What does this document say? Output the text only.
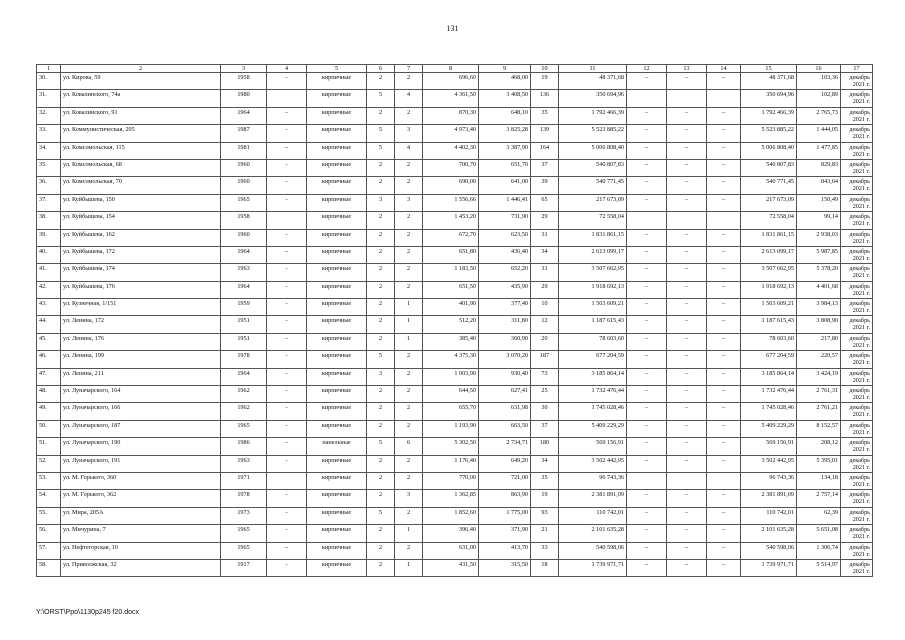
131
1	2	3	4	5	6	7	8	9	10	11	12	13	14	15	16	17
30.	ул. Кирова, 59	1958	-	кирпичные	2	2	696,60	468,00	19	48 371,68	–	–	–	48 371,68	103,36	декабрь
2021 г.

31.	ул. Ковалинского, 74а	1980		кирпичные	5	4	4 361,50	3 408,50	136	350 694,96				350 694,96	102,89	декабрь
2021 г.

32.	ул. Ковалинского, 91	1964	–	кирпичные	2	2	870,30	648,10	35	1 792 466,39	–	–	–	1 792 466,39	2 765,73	декабрь
2021 г.

33.	ул. Коммунистическая, 205	1987	-	кирпичные	5	3	4 973,40	3 825,28	139	5 523 885,22	–	–	–	5 523 885,22	1 444,05	декабрь
2021 г.

34.	ул. Комсомольская, 115	1981	–	кирпичные	5	4	4 402,30	3 387,90	164	5 006 808,40	–	–	–	5 006 808,40	1 477,85	декабрь
2021 г.

35.	ул. Комсомольская, 68	1960	-	кирпичные	2	2	700,70	651,70	37	540 807,83	–	–	–	540 807,83	829,83	декабрь
2021 г.

36.	ул. Комсомольская, 70	1960	-	кирпичные	2	2	690,00	641,00	39	540 771,45	–	–	–	540 771,45	843,64	декабрь
2021 г.

37.	ул. Куйбышева, 150	1965	-	кирпичные	3	3	1 556,66	1 446,41	65	217 673,09	–	–	–	217 673,09	150,49	декабрь
2021 г.

38.	ул. Куйбышева, 154	1958		кирпичные	2	2	1 453,20	731,90	29	72 558,04				72 558,04	99,14	декабрь
2021 г.

39.	ул. Куйбышева, 162	1960	-	кирпичные	2	2	672,70	623,50	31	1 831 861,15	–	–	–	1 831 861,15	2 938,03	декабрь
2021 г.

40.	ул. Куйбышева, 172	1964	–	кирпичные	2	2	651,80	436,40	34	2 613 099,17	–	–	–	2 613 099,17	5 987,85	декабрь
2021 г.

41.	ул. Куйбышева, 174	1963	-	кирпичные	2	2	1 183,50	652,20	31	3 507 662,95	–	–	–	3 507 662,95	5 378,20	декабрь
2021 г.

42.	ул. Куйбышева, 176	1964	-	кирпичные	2	2	651,50	435,90	29	1 918 692,13	–	–	–	1 918 692,13	4 401,68	декабрь
2021 г.

43.	ул. Кузнечная, 1/151	1959	-	кирпичные	2	1	401,90	377,40	10	1 503 609,21	–	–	–	1 503 609,21	3 984,13	декабрь
2021 г.

44.	ул. Ленина, 172	1951	-	кирпичные	2	1	512,20	311,80	12	1 187 615,43	–	–	–	1 187 615,43	3 808,90	декабрь
2021 г.

45.	ул. Ленина, 176	1951	–	кирпичные	2	1	385,40	360,90	20	78 603,60	–	–	–	78 603,60	217,80	декабрь
2021 г.

46.	ул. Ленина, 199	1978	-	кирпичные	5	2	4 375,30	3 070,20	187	677 204,59	–	–	–	677 204,59	220,57	декабрь
2021 г.

47.	ул. Ленина, 211	1964	-	кирпичные	3	2	1 003,90	930,40	73	3 185 864,14	–	–	–	3 185 864,14	3 424,19	декабрь
2021 г.

48.	ул. Луначарского, 164	1962	-	кирпичные	2	2	644,50	627,41	25	1 732 476,44	–	–	–	1 732 476,44	2 761,31	декабрь
2021 г.

49.	ул. Луначарского, 166	1962	-	кирпичные	2	2	655,70	631,98	30	1 745 028,46	–	–	–	1 745 028,46	2 761,21	декабрь
2021 г.

50.	ул. Луначарского, 187	1965	-	кирпичные	2	2	1 193,90	663,50	37	5 409 229,29	–	–	–	5 409 229,29	8 152,57	декабрь
2021 г.

51.	ул. Луначарского, 190	1986	–	панельные	5	6	5 302,50	2 734,71	180	569 156,91	–	–	–	569 156,91	208,12	декабрь
2021 г.

52.	ул. Луначарского, 191	1963	-	кирпичные	2	2	1 176,40	649,20	34	3 502 442,95	–	–	–	3 502 442,95	5 395,01	декабрь
2021 г.

53.	ул. М. Горького, 360	1971		кирпичные	2	2	770,00	721,00	35	96 743,36				96 743,36	134,18	декабрь
2021 г.

54.	ул. М. Горького, 362	1978	-	кирпичные	2	3	1 362,85	863,90	19	2 381 891,09	–	–	–	2 381 891,09	2 757,14	декабрь
2021 г.

55.	ул. Мира, 205А	1973	-	кирпичные	5	2	1 852,60	1 775,00	93	110 742,01	–	–	–	110 742,01	62,39	декабрь
2021 г.

56.	ул. Мичурина, 7	1965	-	кирпичные	2	1	396,40	371,90	21	2 101 635,28	–	–	–	2 101 635,28	5 651,08	декабрь
2021 г.

57.	ул. Нефтегорская, 10	1965	–	кирпичные	2	2	631,00	413,70	33	540 598,06	–	–	–	540 598,06	1 306,74	декабрь
2021 г.

58.	ул. Приволжская, 32	1917	-	кирпичные	2	1	431,50	315,50	18	1 739 971,71	–	–	–	1 739 971,71	5 514,97	декабрь
2021 г.
Y:\ORST\Ppo\1130p245 f20.docx
